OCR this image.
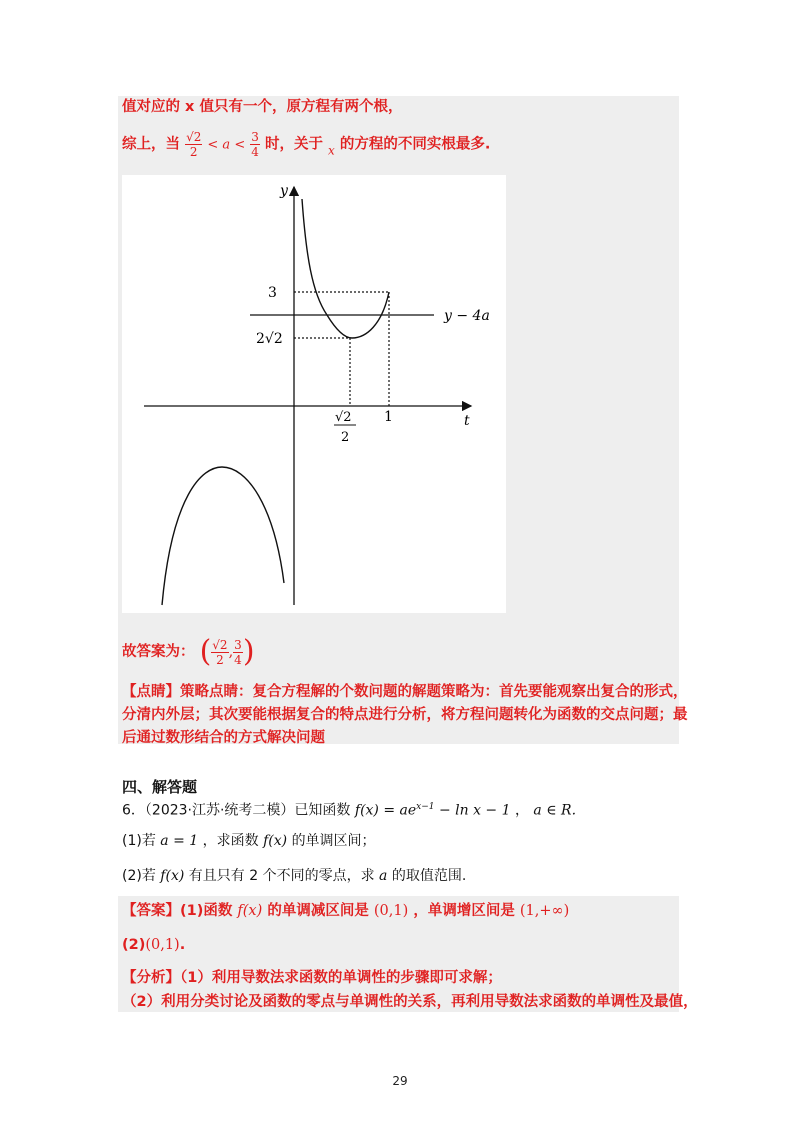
值对应的 x 值只有一个，原方程有两个根，
综上，当 $\frac{√2}{2} < a < \frac{3}{4}$ 时，关于 $_x$ 的方程的不同实根最多.
y
t
3
2√2
y − 4a
1
√2
2
故答案为： ( $\frac{√2}{2}$ , $\frac{3}{4}$ )
【点睛】策略点睛：复合方程解的个数问题的解题策略为：首先要能观察出复合的形式，
分清内外层；其次要能根据复合的特点进行分析，将方程问题转化为函数的交点问题；最
后通过数形结合的方式解决问题
四、解答题
6．（2023·江苏·统考二模）已知函数 $f(x) = ae^{x-1} - \ln x - 1$ ， a ∈ R.
(1)若 a = 1 ，求函数 f(x) 的单调区间；
(2)若 f(x) 有且只有 2 个不同的零点，求 a 的取值范围.
【答案】(1)函数 f(x) 的单调减区间是 (0,1) ，单调增区间是 (1,+∞)
(2)(0,1).
【分析】（1）利用导数法求函数的单调性的步骤即可求解；
（2）利用分类讨论及函数的零点与单调性的关系，再利用导数法求函数的单调性及最值，
29
